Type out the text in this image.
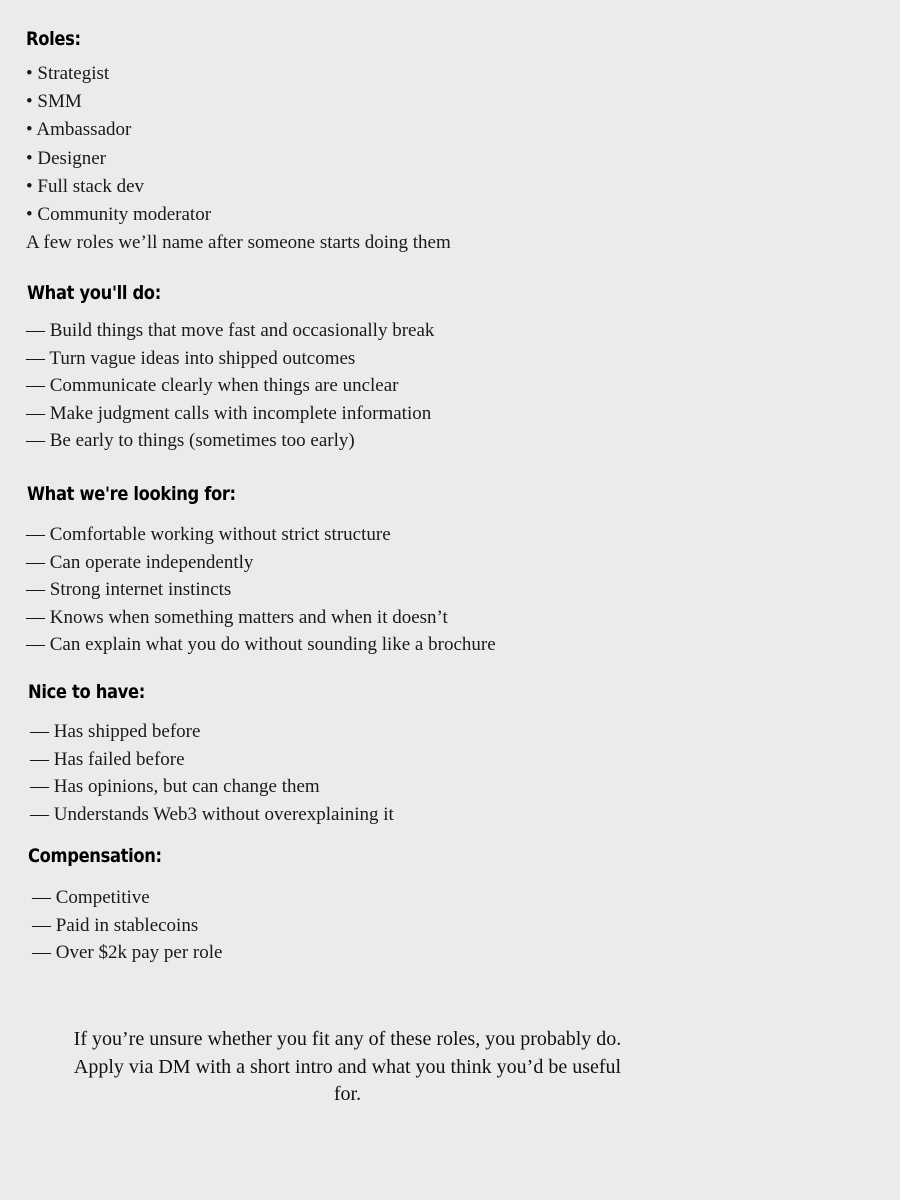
Roles:
• Strategist
• SMM
• Ambassador
• Designer
• Full stack dev
• Community moderator
A few roles we’ll name after someone starts doing them
What you'll do:
— Build things that move fast and occasionally break
— Turn vague ideas into shipped outcomes
— Communicate clearly when things are unclear
— Make judgment calls with incomplete information
— Be early to things (sometimes too early)
What we're looking for:
— Comfortable working without strict structure
— Can operate independently
— Strong internet instincts
— Knows when something matters and when it doesn’t
— Can explain what you do without sounding like a brochure
Nice to have:
— Has shipped before
— Has failed before
— Has opinions, but can change them
— Understands Web3 without overexplaining it
Compensation:
— Competitive
— Paid in stablecoins
— Over $2k pay per role

If you’re unsure whether you fit any of these roles, you probably do.

Apply via DM with a short intro and what you think you’d be useful for.
